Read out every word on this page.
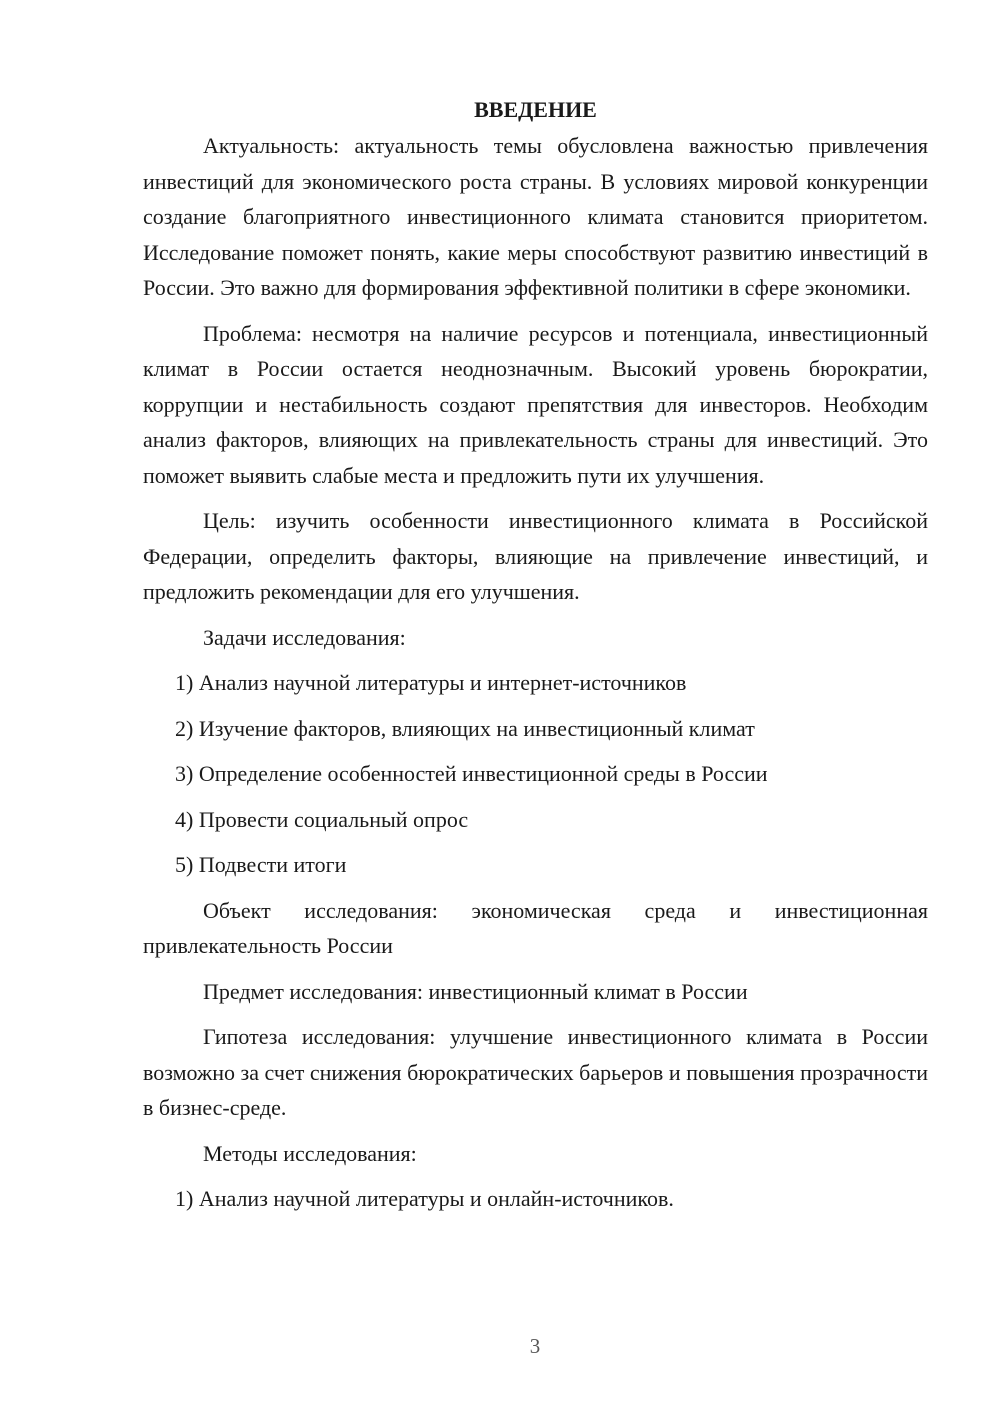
ВВЕДЕНИЕ

Актуальность: актуальность темы обусловлена важностью привлечения инвестиций для экономического роста страны. В условиях мировой конкуренции создание благоприятного инвестиционного климата становится приоритетом. Исследование поможет понять, какие меры способствуют развитию инвестиций в России. Это важно для формирования эффективной политики в сфере экономики.

Проблема: несмотря на наличие ресурсов и потенциала, инвестиционный климат в России остается неоднозначным. Высокий уровень бюрократии, коррупции и нестабильность создают препятствия для инвесторов. Необходим анализ факторов, влияющих на привлекательность страны для инвестиций. Это поможет выявить слабые места и предложить пути их улучшения.

Цель: изучить особенности инвестиционного климата в Российской Федерации, определить факторы, влияющие на привлечение инвестиций, и предложить рекомендации для его улучшения.

Задачи исследования:

1) Анализ научной литературы и интернет-источников

2) Изучение факторов, влияющих на инвестиционный климат

3) Определение особенностей инвестиционной среды в России

4) Провести социальный опрос

5) Подвести итоги

Объект исследования: экономическая среда и инвестиционная привлекательность России

Предмет исследования: инвестиционный климат в России

Гипотеза исследования: улучшение инвестиционного климата в России возможно за счет снижения бюрократических барьеров и повышения прозрачности в бизнес-среде.

Методы исследования:

1) Анализ научной литературы и онлайн-источников.

3
